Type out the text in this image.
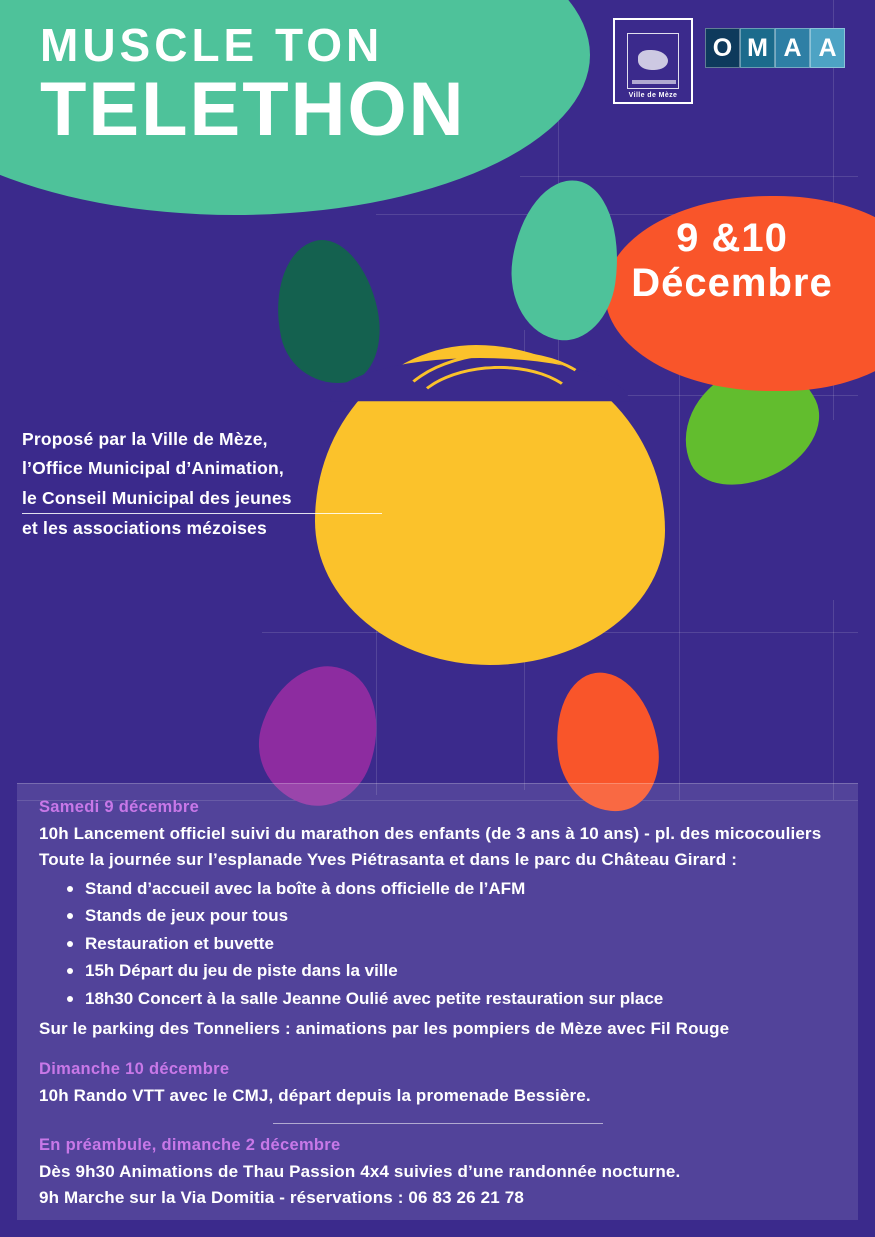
MUSCLE TON
TELETHON	Ville de Mèze
O M A A
9 &10
Décembre
Proposé par la Ville de Mèze,
l’Office Municipal d’Animation,
le Conseil Municipal des jeunes
et les associations mézoises
Samedi 9 décembre
10h Lancement officiel suivi du marathon des enfants (de 3 ans à 10 ans) - pl. des micocouliers
Toute la journée sur l’esplanade Yves Piétrasanta et dans le parc du Château Girard :
Stand d’accueil avec la boîte à dons officielle de l’AFM
Stands de jeux pour tous
Restauration et buvette
15h Départ du jeu de piste dans la ville
18h30 Concert à la salle Jeanne Oulié avec petite restauration sur place
Sur le parking des Tonneliers : animations par les pompiers de Mèze avec Fil Rouge
Dimanche 10 décembre
10h Rando VTT avec le CMJ, départ depuis la promenade Bessière.
En préambule, dimanche 2 décembre
Dès 9h30 Animations de Thau Passion 4x4 suivies d’une randonnée nocturne.
9h Marche sur la Via Domitia - réservations : 06 83 26 21 78
